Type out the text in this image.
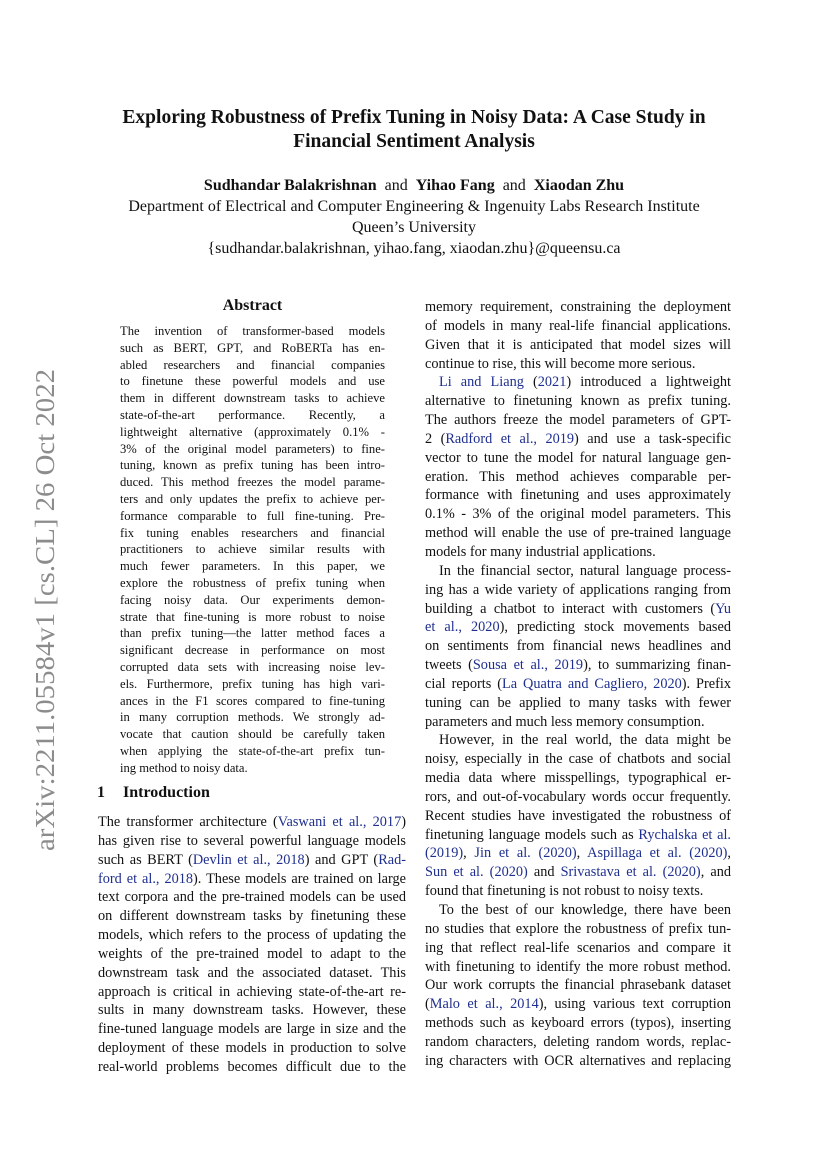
arXiv:2211.05584v1 [cs.CL] 26 Oct 2022
Exploring Robustness of Prefix Tuning in Noisy Data: A Case Study in
Financial Sentiment Analysis
Sudhandar Balakrishnan and Yihao Fang and Xiaodan Zhu
Department of Electrical and Computer Engineering & Ingenuity Labs Research Institute
Queen’s University
{sudhandar.balakrishnan, yihao.fang, xiaodan.zhu}@queensu.ca
Abstract
The invention of transformer-based models
such as BERT, GPT, and RoBERTa has en-
abled researchers and financial companies
to finetune these powerful models and use
them in different downstream tasks to achieve
state-of-the-art performance. Recently, a
lightweight alternative (approximately 0.1% -
3% of the original model parameters) to fine-
tuning, known as prefix tuning has been intro-
duced. This method freezes the model parame-
ters and only updates the prefix to achieve per-
formance comparable to full fine-tuning. Pre-
fix tuning enables researchers and financial
practitioners to achieve similar results with
much fewer parameters. In this paper, we
explore the robustness of prefix tuning when
facing noisy data. Our experiments demon-
strate that fine-tuning is more robust to noise
than prefix tuning—the latter method faces a
significant decrease in performance on most
corrupted data sets with increasing noise lev-
els. Furthermore, prefix tuning has high vari-
ances in the F1 scores compared to fine-tuning
in many corruption methods. We strongly ad-
vocate that caution should be carefully taken
when applying the state-of-the-art prefix tun-
ing method to noisy data.
1 Introduction
The transformer architecture (Vaswani et al., 2017)
has given rise to several powerful language models
such as BERT (Devlin et al., 2018) and GPT (Rad-
ford et al., 2018). These models are trained on large
text corpora and the pre-trained models can be used
on different downstream tasks by finetuning these
models, which refers to the process of updating the
weights of the pre-trained model to adapt to the
downstream task and the associated dataset. This
approach is critical in achieving state-of-the-art re-
sults in many downstream tasks. However, these
fine-tuned language models are large in size and the
deployment of these models in production to solve
real-world problems becomes difficult due to the
memory requirement, constraining the deployment
of models in many real-life financial applications.
Given that it is anticipated that model sizes will
continue to rise, this will become more serious.
Li and Liang (2021) introduced a lightweight
alternative to finetuning known as prefix tuning.
The authors freeze the model parameters of GPT-
2 (Radford et al., 2019) and use a task-specific
vector to tune the model for natural language gen-
eration. This method achieves comparable per-
formance with finetuning and uses approximately
0.1% - 3% of the original model parameters. This
method will enable the use of pre-trained language
models for many industrial applications.
In the financial sector, natural language process-
ing has a wide variety of applications ranging from
building a chatbot to interact with customers (Yu
et al., 2020), predicting stock movements based
on sentiments from financial news headlines and
tweets (Sousa et al., 2019), to summarizing finan-
cial reports (La Quatra and Cagliero, 2020). Prefix
tuning can be applied to many tasks with fewer
parameters and much less memory consumption.
However, in the real world, the data might be
noisy, especially in the case of chatbots and social
media data where misspellings, typographical er-
rors, and out-of-vocabulary words occur frequently.
Recent studies have investigated the robustness of
finetuning language models such as Rychalska et al.
(2019), Jin et al. (2020), Aspillaga et al. (2020),
Sun et al. (2020) and Srivastava et al. (2020), and
found that finetuning is not robust to noisy texts.
To the best of our knowledge, there have been
no studies that explore the robustness of prefix tun-
ing that reflect real-life scenarios and compare it
with finetuning to identify the more robust method.
Our work corrupts the financial phrasebank dataset
(Malo et al., 2014), using various text corruption
methods such as keyboard errors (typos), inserting
random characters, deleting random words, replac-
ing characters with OCR alternatives and replacing
